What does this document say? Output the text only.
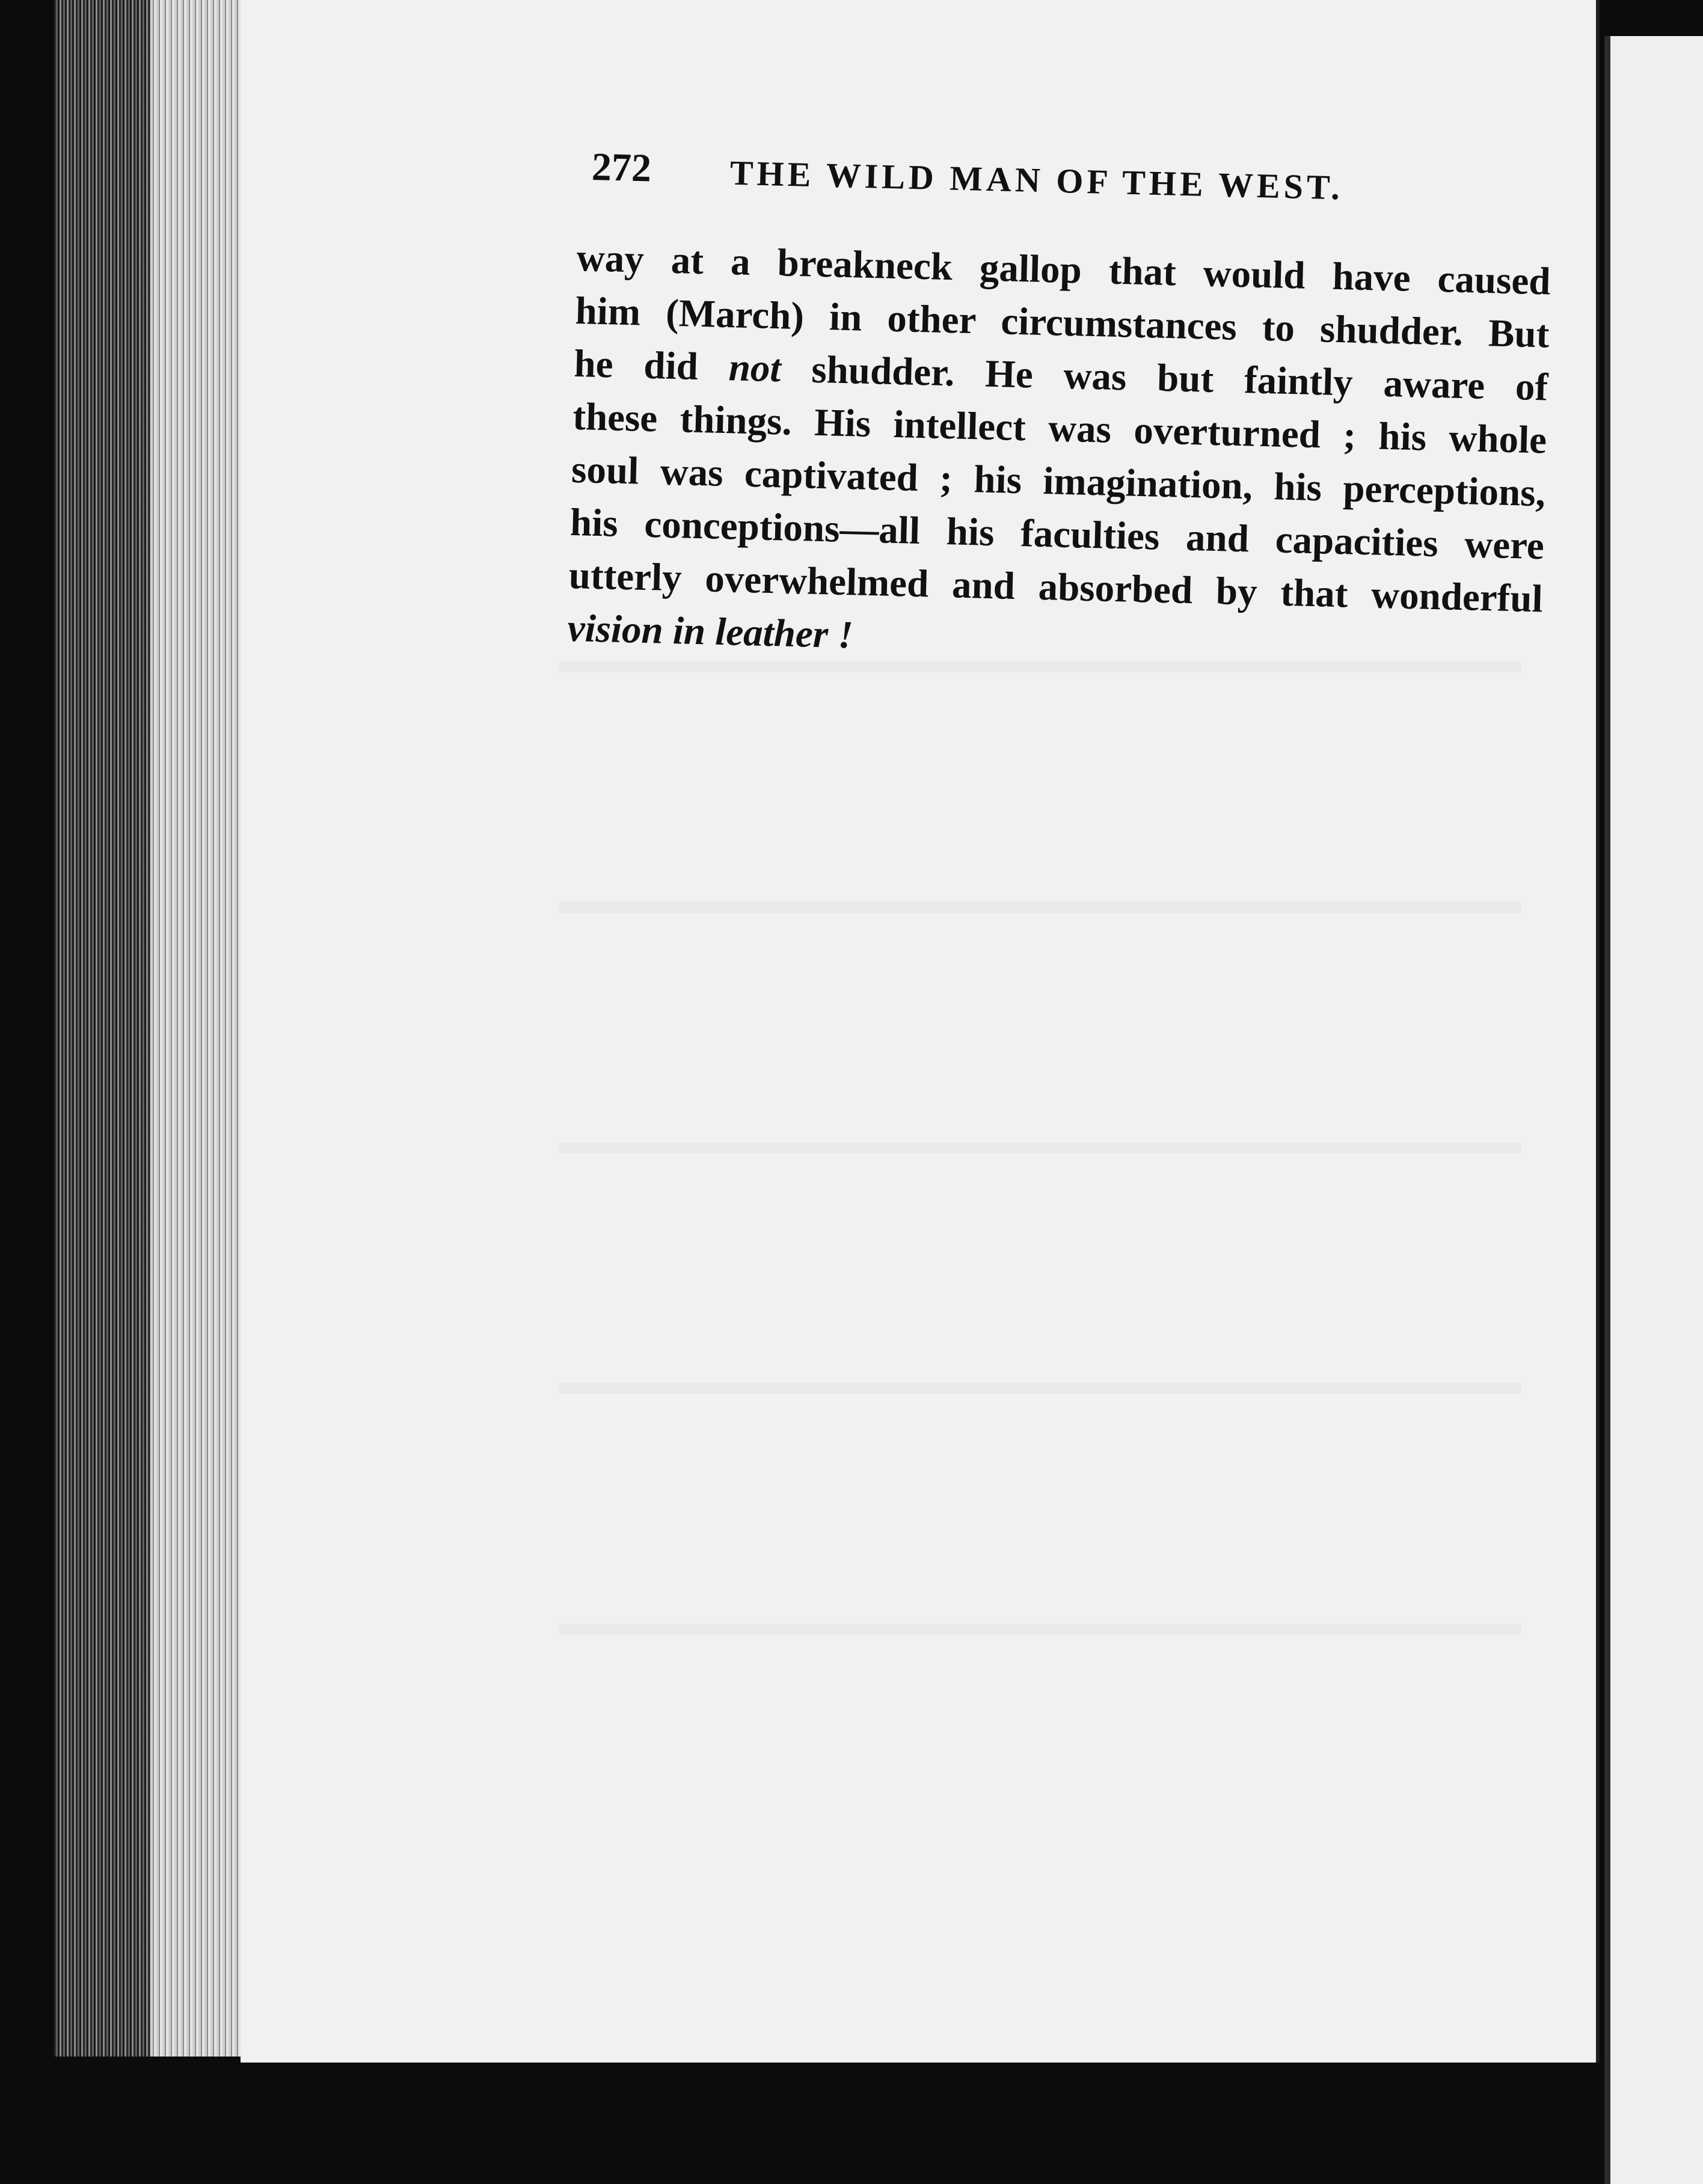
272 THE WILD MAN OF THE WEST.
way at a breakneck gallop that would have caused
him (March) in other circumstances to shudder. But
he did not shudder. He was but faintly aware of
these things. His intellect was overturned ; his whole
soul was captivated ; his imagination, his perceptions,
his conceptions—all his faculties and capacities were
utterly overwhelmed and absorbed by that wonderful
vision in leather !
